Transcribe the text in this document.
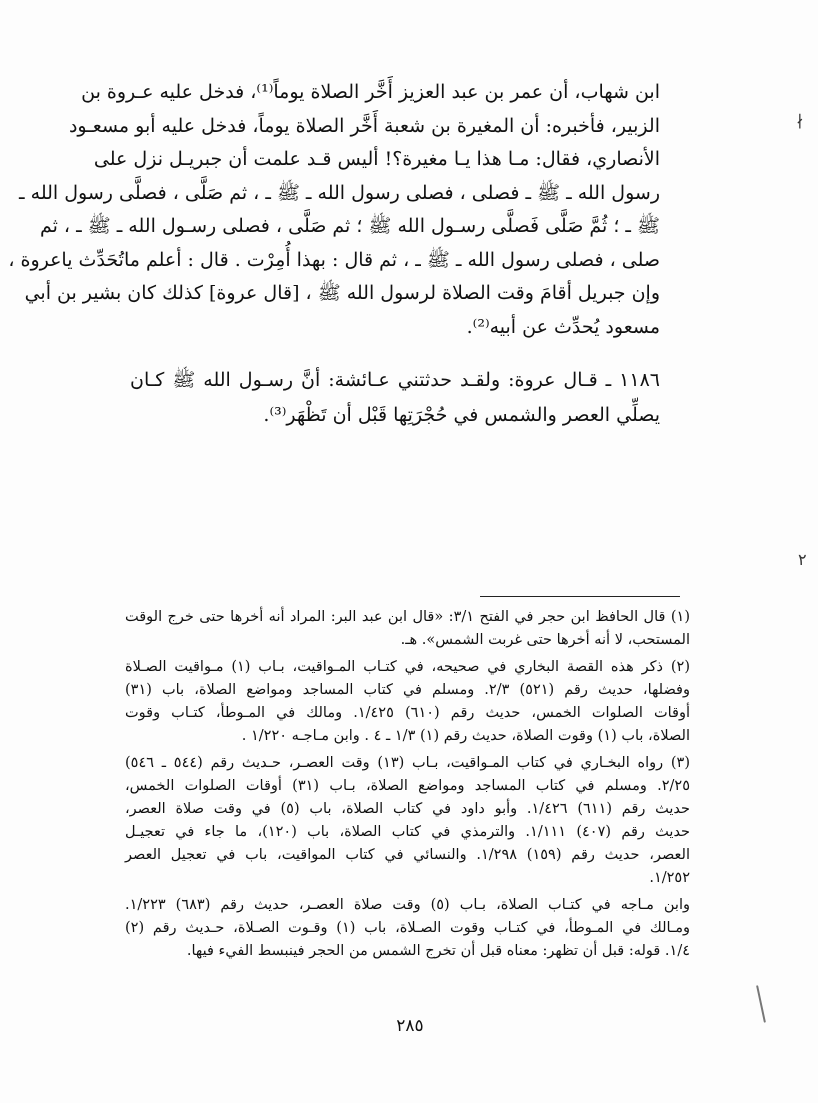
ابن شهاب، أن عمر بن عبد العزيز أَخَّر الصلاة يوماً⁽¹⁾، فدخل عليه عـروة بن
الزبير، فأخبره: أن المغيرة بن شعبة أَخَّر الصلاة يوماً، فدخل عليه أبو مسعـود
الأنصاري، فقال: مـا هذا يـا مغيرة؟! أليس قـد علمت أن جبريـل نزل على
رسول الله ـ ﷺ ـ فصلى ، فصلى رسول الله ـ ﷺ ـ ، ثم صَلَّى ، فصلَّى رسول الله ـ
ﷺ ـ ؛ ثُمَّ صَلَّى فَصلَّى رسـول الله ﷺ ؛ ثم صَلَّى ، فصلى رسـول الله ـ ﷺ ـ ، ثم
صلى ، فصلى رسول الله ـ ﷺ ـ ، ثم قال : بهذا أُمِرْت . قال : أعلم ماتُحَدِّث ياعروة ،
وإن جبريل أقامَ وقت الصلاة لرسول الله ﷺ ، [قال عروة] كذلك كان بشير بن أبي
مسعود يُحدِّث عن أبيه⁽²⁾.
١١٨٦ ـ قـال عروة: ولقـد حدثتني عـائشة: أنَّ رسـول الله ﷺ كـان
يصلِّي العصر والشمس في حُجْرَتِها قَبْل أن تَظْهَر⁽³⁾.
(١) قال الحافظ ابن حجر في الفتح ٣/١: «قال ابن عبد البر: المراد أنه أخرها حتى خرج الوقت
المستحب، لا أنه أخرها حتى غربت الشمس». هـ.
(٢) ذكر هذه القصة البخاري في صحيحه، في كتـاب المـواقيت، بـاب (١) مـواقيت الصـلاة
وفضلها، حديث رقم (٥٢١) ٢/٣. ومسلم في كتاب المساجد ومواضع الصلاة، باب (٣١)
أوقات الصلوات الخمس، حديث رقم (٦١٠) ١/٤٢٥. ومالك في المـوطأ، كتـاب وقوت
الصلاة، باب (١) وقوت الصلاة، حديث رقم (١) ١/٣ ـ ٤ . وابن مـاجـه ١/٢٢٠ .
(٣) رواه البخـاري في كتاب المـواقيت، بـاب (١٣) وقت العصـر، حـديث رقم (٥٤٤ ـ ٥٤٦)
٢/٢٥. ومسلم في كتاب المساجد ومواضع الصلاة، بـاب (٣١) أوقات الصلوات الخمس،
حديث رقم (٦١١) ١/٤٢٦. وأبو داود في كتاب الصلاة، باب (٥) في وقت صلاة العصر،
حديث رقم (٤٠٧) ١/١١١. والترمذي في كتاب الصلاة، باب (١٢٠)، ما جاء في تعجيـل
العصر، حديث رقم (١٥٩) ١/٢٩٨. والنسائي في كتاب المواقيت، باب في تعجيل العصر
١/٢٥٢.
وابن مـاجه في كتـاب الصلاة، بـاب (٥) وقت صلاة العصـر، حديث رقم (٦٨٣) ١/٢٢٣.
ومـالك في المـوطأ، في كتـاب وقوت الصـلاة، باب (١) وقـوت الصـلاة، حـديث رقم (٢)
١/٤. قوله: قبل أن تظهر: معناه قبل أن تخرج الشمس من الحجر فينبسط الفيء فيها.
٢٨٥
∤
٢
